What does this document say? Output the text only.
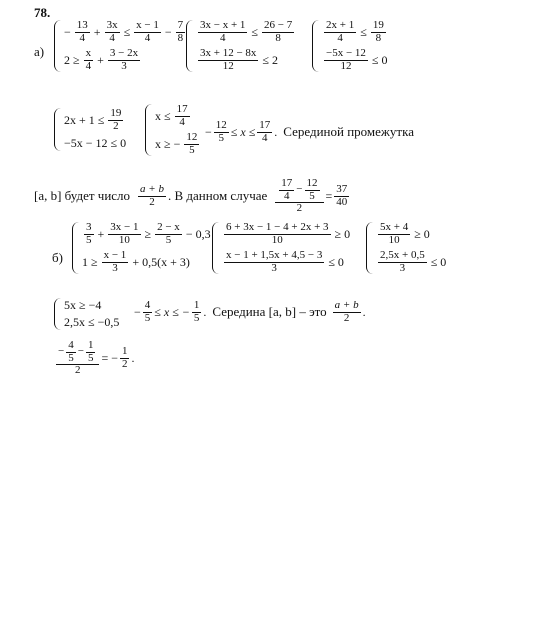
78.
а)
− $\frac{13}{4} + \frac{3x}{4} \le \frac{x - 1}{4} - \frac{7}{8}$
$2 \ge \frac{x}{4} + \frac{3 - 2x}{3}$
$\frac{3x - x + 1}{4} \le \frac{26 - 7}{8}$
$\frac{3x + 12 - 8x}{12} \le 2$
$\frac{2x + 1}{4} \le \frac{19}{8}$
$\frac{-5x - 12}{12} \le 0$
$2x + 1 \le \frac{19}{2}$
−5x − 12 ≤ 0
$x \le \frac{17}{4}$
x ≥ − $\frac{12}{5}$
− $\frac{12}{5} \le x \le \frac{17}{4}$ . Серединой промежутка
[a, b] будет число $\frac{a + b}{2}$ . В данном случае $\frac{\frac{17}{4} - \frac{12}{5}}{2} = \frac{37}{40}$
б)
$\frac{3}{5} + \frac{3x - 1}{10} \ge \frac{2 - x}{5} - 0,3$
$1 \ge \frac{x - 1}{3} + 0,5(x + 3)$
$\frac{6 + 3x - 1 - 4 + 2x + 3}{10} \ge 0$
$\frac{x - 1 + 1,5x + 4,5 - 3}{3} \le 0$
$\frac{5x + 4}{10} \ge 0$
$\frac{2,5x + 0,5}{3} \le 0$
5x ≥ −4
2,5x ≤ −0,5
− $\frac{4}{5} \le x$ ≤ − $\frac{1}{5}$ . Середина [a, b] – это $\frac{a + b}{2}$ .
$\frac{- \frac{4}{5} - \frac{1}{5}}{2}$ = − $\frac{1}{2}$ .
